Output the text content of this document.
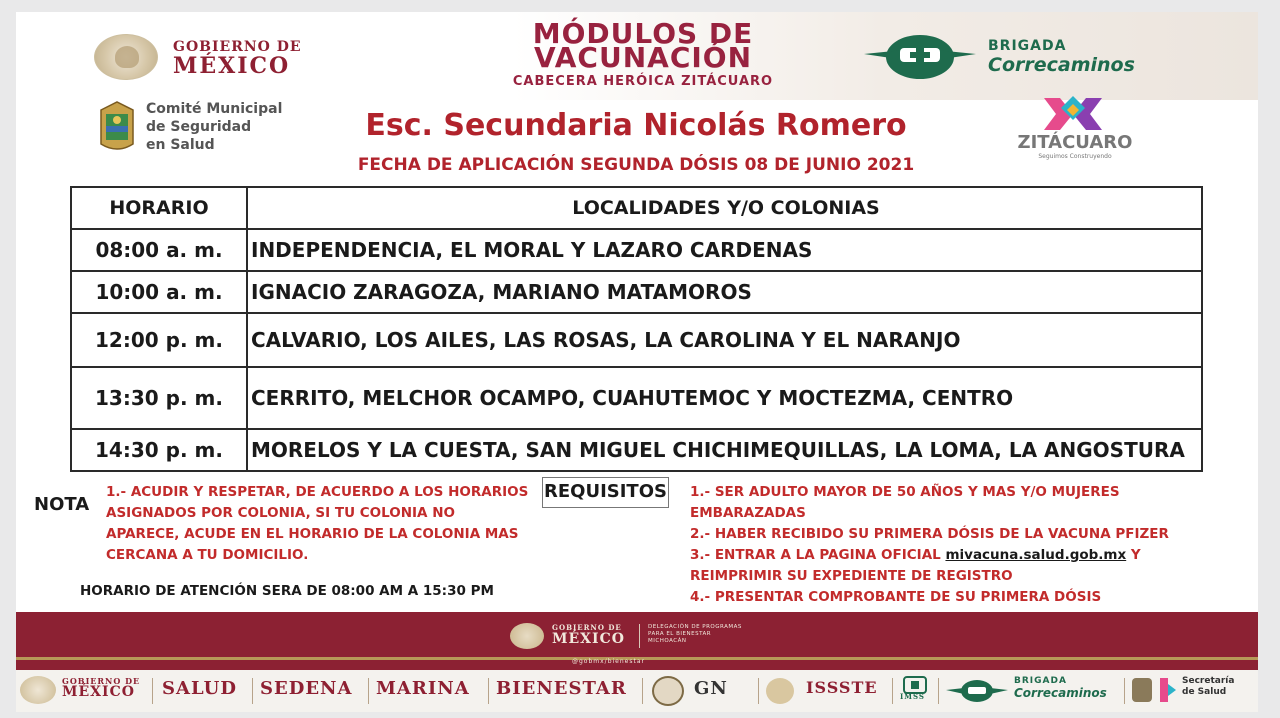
GOBIERNO DE
MÉXICO
MÓDULOS DE
VACUNACIÓN
CABECERA HERÓICA ZITÁCUARO
BRIGADA
Correcaminos
Comité Municipal
de Seguridad
en Salud
Esc. Secundaria Nicolás Romero
FECHA DE APLICACIÓN SEGUNDA DÓSIS 08 DE JUNIO 2021
ZITÁCUARO
Seguimos Construyendo
HORARIO	LOCALIDADES Y/O COLONIAS
08:00 a. m.	INDEPENDENCIA, EL MORAL Y LAZARO CARDENAS
10:00 a. m.	IGNACIO ZARAGOZA, MARIANO MATAMOROS
12:00 p. m.	CALVARIO, LOS AILES, LAS ROSAS, LA CAROLINA Y EL NARANJO
13:30 p. m.	CERRITO, MELCHOR OCAMPO, CUAHUTEMOC Y MOCTEZMA, CENTRO
14:30 p. m.	MORELOS Y LA CUESTA, SAN MIGUEL CHICHIMEQUILLAS, LA LOMA, LA ANGOSTURA
NOTA
1.- ACUDIR Y RESPETAR, DE ACUERDO A LOS HORARIOS
ASIGNADOS POR COLONIA, SI TU COLONIA NO
APARECE, ACUDE EN EL HORARIO DE LA COLONIA MAS
CERCANA A TU DOMICILIO.
HORARIO DE ATENCIÓN SERA DE 08:00 AM A 15:30 PM
REQUISITOS 1.- SER ADULTO MAYOR DE 50 AÑOS Y MAS Y/O MUJERES
EMBARAZADAS
2.- HABER RECIBIDO SU PRIMERA DÓSIS DE LA VACUNA PFIZER
3.- ENTRAR A LA PAGINA OFICIAL mivacuna.salud.gob.mx Y
REIMPRIMIR SU EXPEDIENTE DE REGISTRO
4.- PRESENTAR COMPROBANTE DE SU PRIMERA DÓSIS
GOBIERNO DE
MÉXICO
DELEGACIÓN DE PROGRAMAS
PARA EL BIENESTAR
MICHOACÁN
@gobmx/bienestar
GOBIERNO DE
MÉXICO SALUD SEDENA MARINA BIENESTAR	GN	ISSSTE	IMSS
BRIGADA
Correcaminos
Secretaría
de Salud
